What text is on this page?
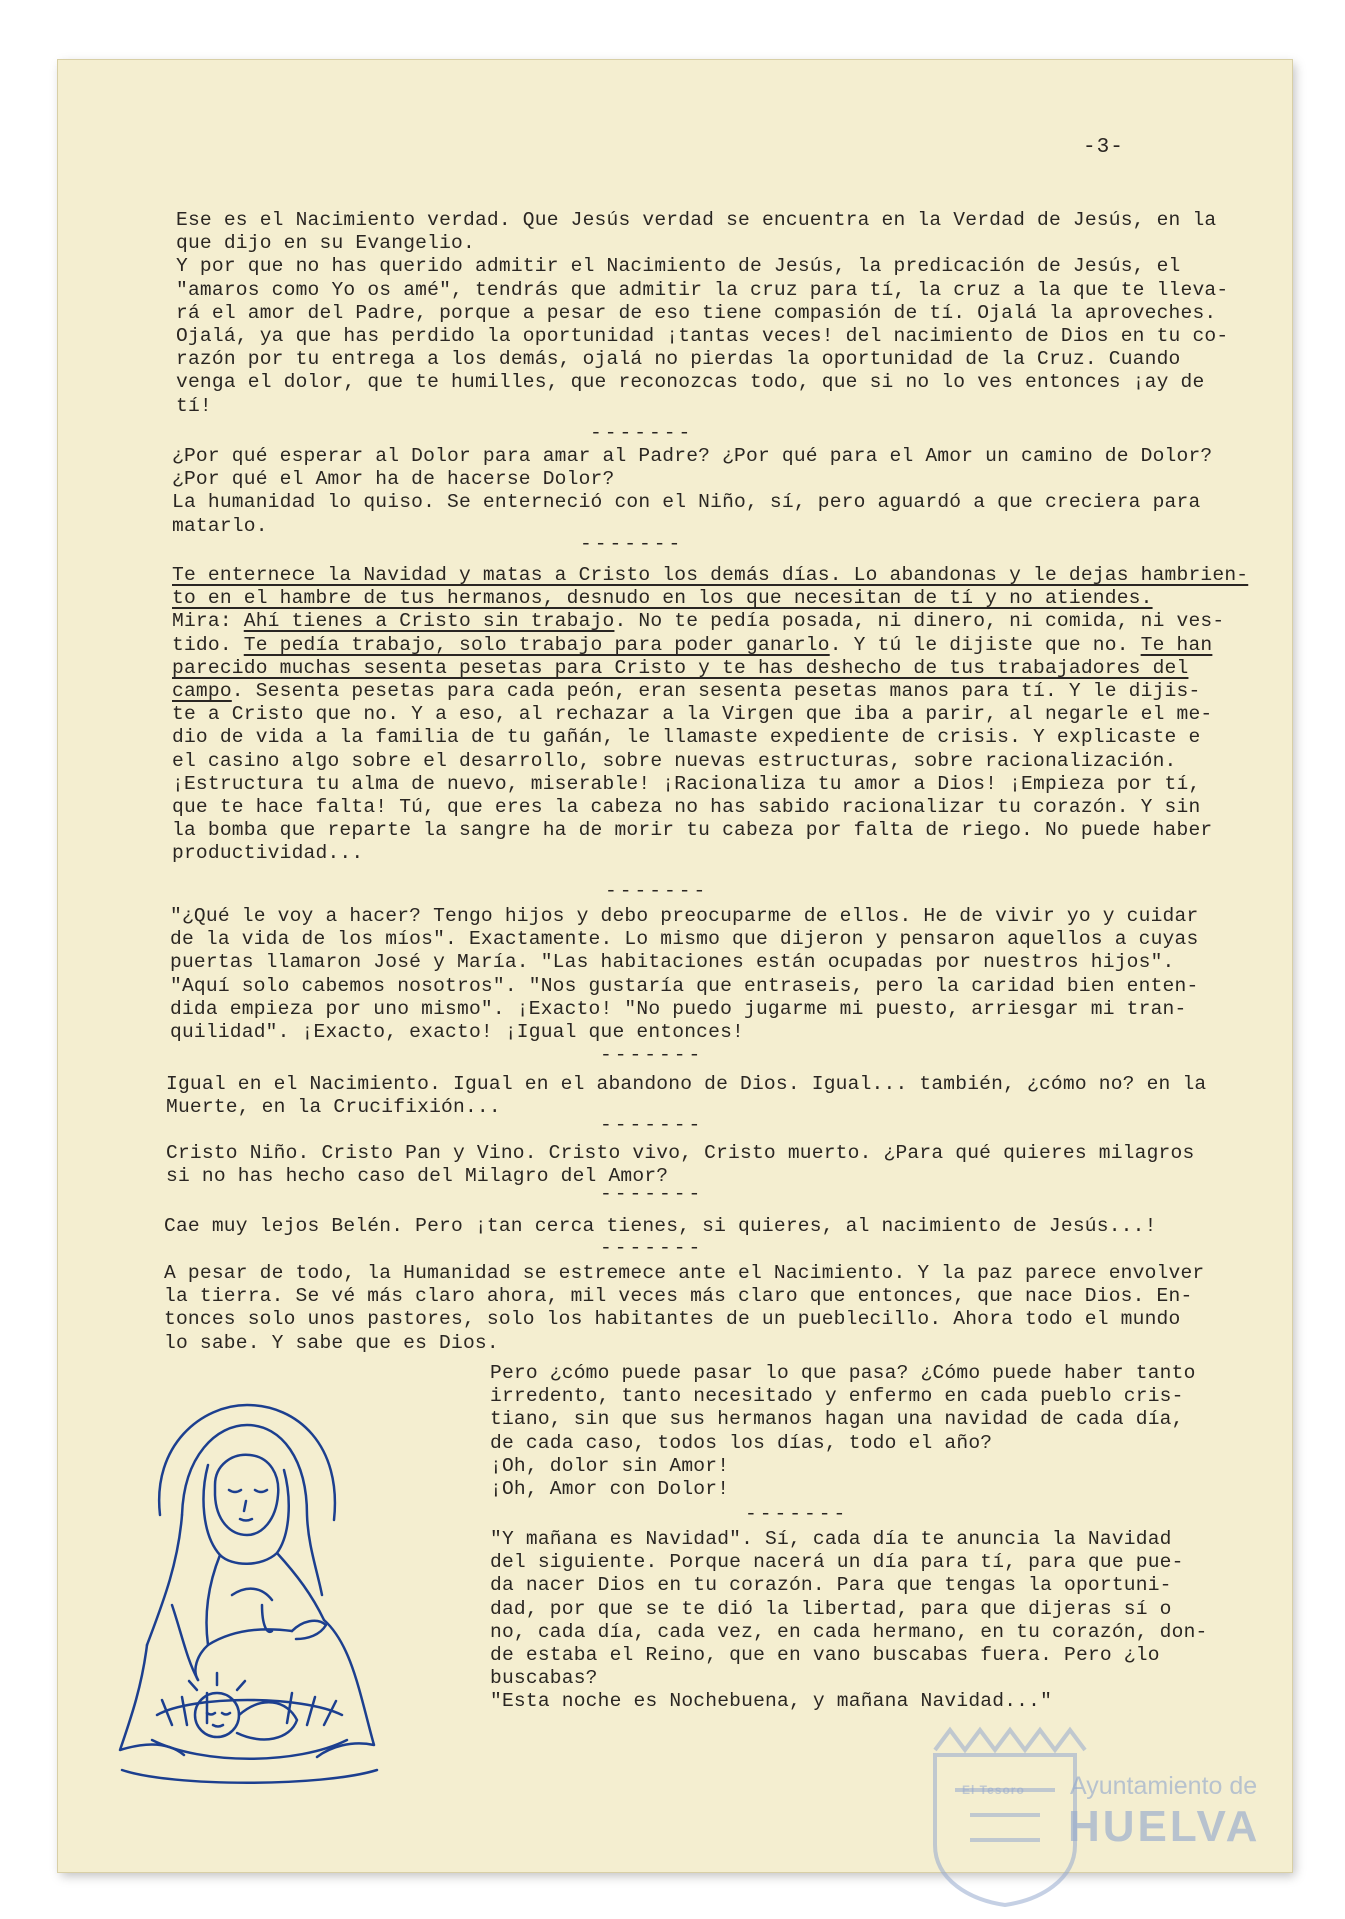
-3-

Ese es el Nacimiento verdad. Que Jesús verdad se encuentra en la Verdad de Jesús, en la
que dijo en su Evangelio.
Y por que no has querido admitir el Nacimiento de Jesús, la predicación de Jesús, el
"amaros como Yo os amé", tendrás que admitir la cruz para tí, la cruz a la que te lleva-
rá el amor del Padre, porque a pesar de eso tiene compasión de tí. Ojalá la aproveches.
Ojalá, ya que has perdido la oportunidad ¡tantas veces! del nacimiento de Dios en tu co-
razón por tu entrega a los demás, ojalá no pierdas la oportunidad de la Cruz. Cuando
venga el dolor, que te humilles, que reconozcas todo, que si no lo ves entonces ¡ay de
tí!

-------

¿Por qué esperar al Dolor para amar al Padre? ¿Por qué para el Amor un camino de Dolor?
¿Por qué el Amor ha de hacerse Dolor?
La humanidad lo quiso. Se enterneció con el Niño, sí, pero aguardó a que creciera para
matarlo.

-------

Te enternece la Navidad y matas a Cristo los demás días. Lo abandonas y le dejas hambrien-
to en el hambre de tus hermanos, desnudo en los que necesitan de tí y no atiendes.
Mira: Ahí tienes a Cristo sin trabajo. No te pedía posada, ni dinero, ni comida, ni ves-
tido. Te pedía trabajo, solo trabajo para poder ganarlo. Y tú le dijiste que no. Te han
parecido muchas sesenta pesetas para Cristo y te has deshecho de tus trabajadores del
campo. Sesenta pesetas para cada peón, eran sesenta pesetas manos para tí. Y le dijis-
te a Cristo que no. Y a eso, al rechazar a la Virgen que iba a parir, al negarle el me-
dio de vida a la familia de tu gañán, le llamaste expediente de crisis. Y explicaste e
el casino algo sobre el desarrollo, sobre nuevas estructuras, sobre racionalización.
¡Estructura tu alma de nuevo, miserable! ¡Racionaliza tu amor a Dios! ¡Empieza por tí,
que te hace falta! Tú, que eres la cabeza no has sabido racionalizar tu corazón. Y sin
la bomba que reparte la sangre ha de morir tu cabeza por falta de riego. No puede haber
productividad...

-------

"¿Qué le voy a hacer? Tengo hijos y debo preocuparme de ellos. He de vivir yo y cuidar
de la vida de los míos". Exactamente. Lo mismo que dijeron y pensaron aquellos a cuyas
puertas llamaron José y María. "Las habitaciones están ocupadas por nuestros hijos".
"Aquí solo cabemos nosotros". "Nos gustaría que entraseis, pero la caridad bien enten-
dida empieza por uno mismo". ¡Exacto! "No puedo jugarme mi puesto, arriesgar mi tran-
quilidad". ¡Exacto, exacto! ¡Igual que entonces!

-------

Igual en el Nacimiento. Igual en el abandono de Dios. Igual... también, ¿cómo no? en la
Muerte, en la Crucifixión...

-------

Cristo Niño. Cristo Pan y Vino. Cristo vivo, Cristo muerto. ¿Para qué quieres milagros
si no has hecho caso del Milagro del Amor?

-------

Cae muy lejos Belén. Pero ¡tan cerca tienes, si quieres, al nacimiento de Jesús...!

-------

A pesar de todo, la Humanidad se estremece ante el Nacimiento. Y la paz parece envolver
la tierra. Se vé más claro ahora, mil veces más claro que entonces, que nace Dios. En-
tonces solo unos pastores, solo los habitantes de un pueblecillo. Ahora todo el mundo
lo sabe. Y sabe que es Dios.

Pero ¿cómo puede pasar lo que pasa? ¿Cómo puede haber tanto
irredento, tanto necesitado y enfermo en cada pueblo cris-
tiano, sin que sus hermanos hagan una navidad de cada día,
de cada caso, todos los días, todo el año?
¡Oh, dolor sin Amor!
¡Oh, Amor con Dolor!

-------

"Y mañana es Navidad". Sí, cada día te anuncia la Navidad
del siguiente. Porque nacerá un día para tí, para que pue-
da nacer Dios en tu corazón. Para que tengas la oportuni-
dad, por que se te dió la libertad, para que dijeras sí o
no, cada día, cada vez, en cada hermano, en tu corazón, don-
de estaba el Reino, que en vano buscabas fuera. Pero ¿lo
buscabas?
"Esta noche es Nochebuena, y mañana Navidad..."

El Tesoro Ayuntamiento de
HUELVA
